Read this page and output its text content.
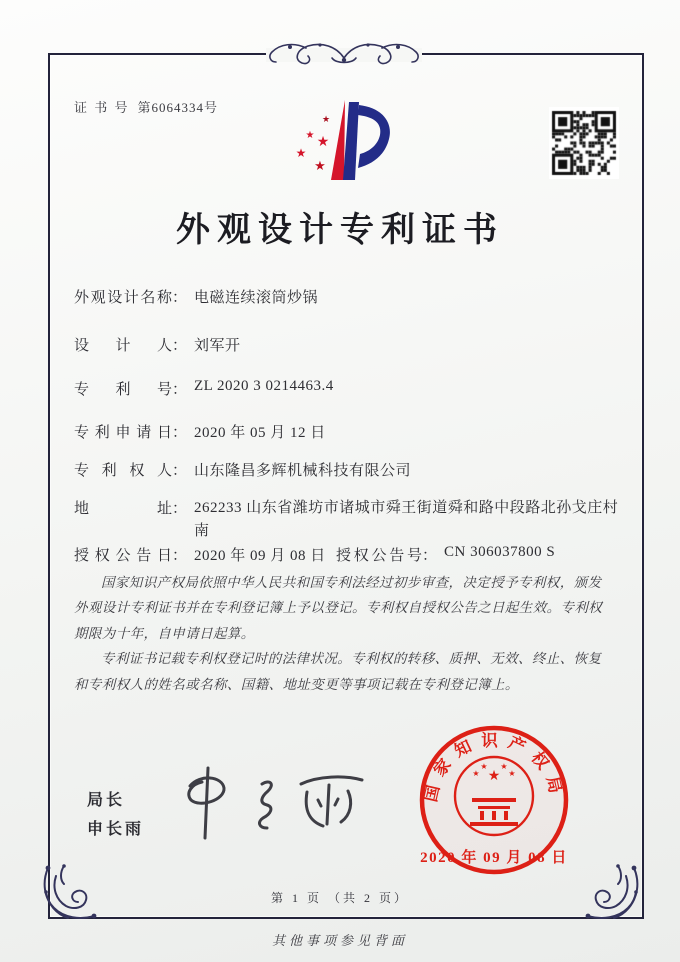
证 书 号 第6064334号
★
★ ★
★
★
外观设计专利证书
外观设计名称： 电磁连续滚筒炒锅
设计人： 刘军开
专利号： ZL 2020 3 0214463.4
专利申请日： 2020 年 05 月 12 日
专利权人： 山东隆昌多辉机械科技有限公司
地址： 262233 山东省潍坊市诸城市舜王街道舜和路中段路北孙戈庄村南
授权公告日： 2020 年 09 月 08 日 授权公告号： CN 306037800 S

国家知识产权局依照中华人民共和国专利法经过初步审查，决定授予专利权，颁发外观设计专利证书并在专利登记簿上予以登记。专利权自授权公告之日起生效。专利权期限为十年，自申请日起算。

专利证书记载专利权登记时的法律状况。专利权的转移、质押、无效、终止、恢复和专利权人的姓名或名称、国籍、地址变更等事项记载在专利登记簿上。

局长
申长雨
国家知识产权局
★
★
★ ★
★
2020 年 09 月 08 日
第 1 页 （共 2 页）
其他事项参见背面
